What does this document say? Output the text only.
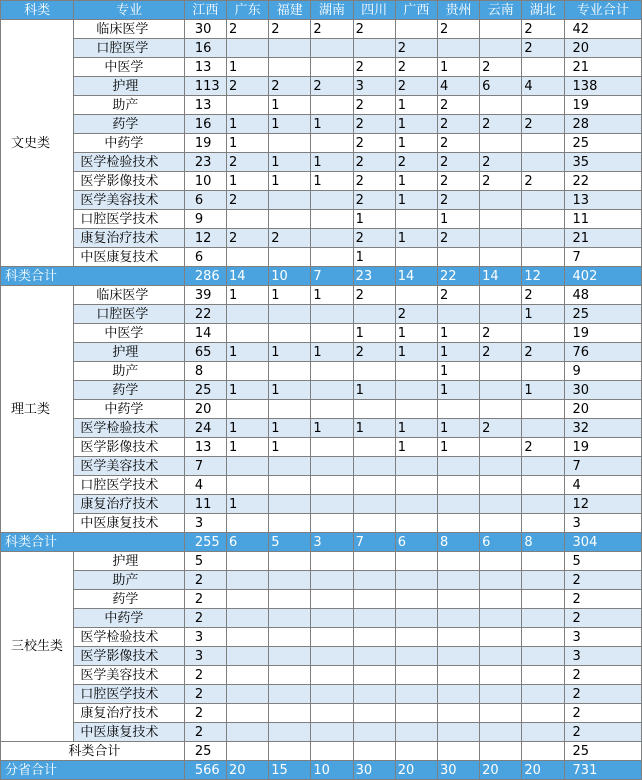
科类	专业	江西	广东	福建	湖南	四川	广西	贵州	云南	湖北	专业合计
文史类	临床医学	30	2	2	2	2		2		2	42
	口腔医学	16					2			2	20
	中医学	13	1			2	2	1	2		21
	护理	113	2	2	2	3	2	4	6	4	138
	助产	13		1		2	1	2			19
	药学	16	1	1	1	2	1	2	2	2	28
	中药学	19	1			2	1	2			25
	医学检验技术	23	2	1	1	2	2	2	2		35
	医学影像技术	10	1	1	1	2	1	2	2	2	22
	医学美容技术	6	2			2	1	2			13
	口腔医学技术	9				1		1			11
	康复治疗技术	12	2	2		2	1	2			21
	中医康复技术	6				1					7
科类合计		286	14	10	7	23	14	22	14	12	402
理工类	临床医学	39	1	1	1	2		2		2	48
	口腔医学	22					2			1	25
	中医学	14				1	1	1	2		19
	护理	65	1	1	1	2	1	1	2	2	76
	助产	8						1			9
	药学	25	1	1		1		1		1	30
	中药学	20									20
	医学检验技术	24	1	1	1	1	1	1	2		32
	医学影像技术	13	1	1			1	1		2	19
	医学美容技术	7									7
	口腔医学技术	4									4
	康复治疗技术	11	1								12
	中医康复技术	3									3
科类合计		255	6	5	3	7	6	8	6	8	304
三校生类	护理	5									5
	助产	2									2
	药学	2									2
	中药学	2									2
	医学检验技术	3									3
	医学影像技术	3									3
	医学美容技术	2									2
	口腔医学技术	2									2
	康复治疗技术	2									2
	中医康复技术	2									2
科类合计		25									25
分省合计		566	20	15	10	30	20	30	20	20	731
